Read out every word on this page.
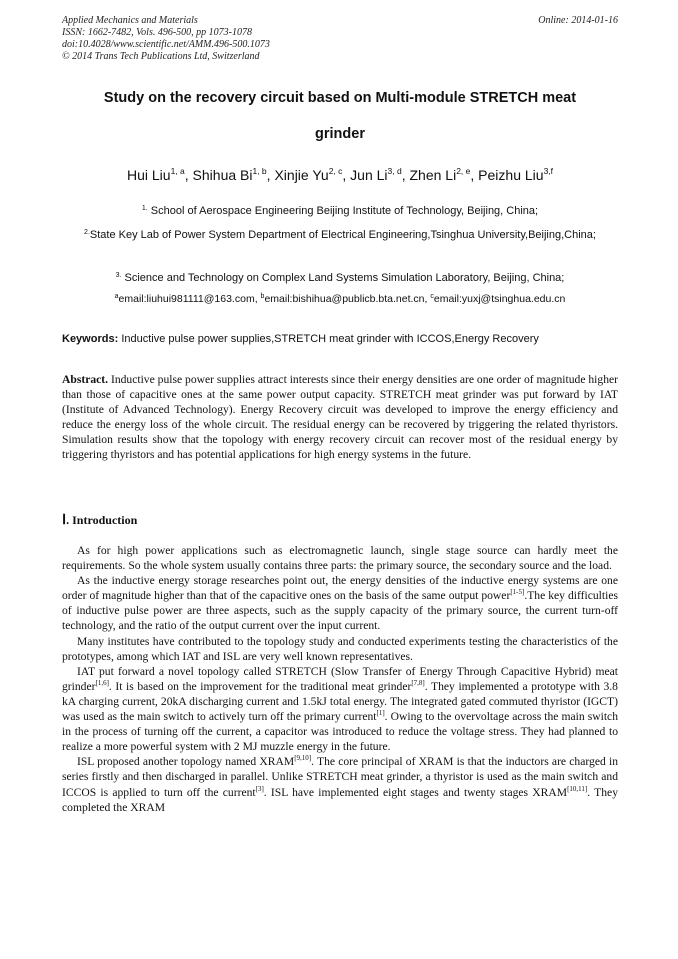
Applied Mechanics and Materials
ISSN: 1662-7482, Vols. 496-500, pp 1073-1078
doi:10.4028/www.scientific.net/AMM.496-500.1073
© 2014 Trans Tech Publications Ltd, Switzerland
Online: 2014-01-16
Study on the recovery circuit based on Multi-module STRETCH meat
grinder
Hui Liu$^{1, a}$, Shihua Bi$^{1, b}$, Xinjie Yu$^{2, c}$, Jun Li$^{3, d}$, Zhen Li$^{2, e}$, Peizhu Liu$^{3,f}$
$^{1.}$ School of Aerospace Engineering Beijing Institute of Technology, Beijing, China;
$^{2.}$State Key Lab of Power System Department of Electrical Engineering,Tsinghua University,Beijing,China;
$^{3.}$ Science and Technology on Complex Land Systems Simulation Laboratory, Beijing, China;
$^a$email:liuhui981111@163.com, $^b$email:bishihua@publicb.bta.net.cn, $^c$email:yuxj@tsinghua.edu.cn
Keywords: Inductive pulse power supplies,STRETCH meat grinder with ICCOS,Energy Recovery

Abstract. Inductive pulse power supplies attract interests since their energy densities are one order of magnitude higher than those of capacitive ones at the same power output capacity. STRETCH meat grinder was put forward by IAT (Institute of Advanced Technology). Energy Recovery circuit was developed to improve the energy efficiency and reduce the energy loss of the whole circuit. The residual energy can be recovered by triggering the related thyristors. Simulation results show that the topology with energy recovery circuit can recover most of the residual energy by triggering thyristors and has potential applications for high energy systems in the future.

Ⅰ. Introduction

As for high power applications such as electromagnetic launch, single stage source can hardly meet the requirements. So the whole system usually contains three parts: the primary source, the secondary source and the load.

As the inductive energy storage researches point out, the energy densities of the inductive energy systems are one order of magnitude higher than that of the capacitive ones on the basis of the same output power[1-5].The key difficulties of inductive pulse power are three aspects, such as the supply capacity of the primary source, the current turn-off technology, and the ratio of the output current over the input current.

Many institutes have contributed to the topology study and conducted experiments testing the characteristics of the prototypes, among which IAT and ISL are very well known representatives.

IAT put forward a novel topology called STRETCH (Slow Transfer of Energy Through Capacitive Hybrid) meat grinder[1,6]. It is based on the improvement for the traditional meat grinder[7,8]. They implemented a prototype with 3.8 kA charging current, 20kA discharging current and 1.5kJ total energy. The integrated gated commuted thyristor (IGCT) was used as the main switch to actively turn off the primary current[1]. Owing to the overvoltage across the main switch in the process of turning off the current, a capacitor was introduced to reduce the voltage stress. They had planned to realize a more powerful system with 2 MJ muzzle energy in the future.

ISL proposed another topology named XRAM[9,10]. The core principal of XRAM is that the inductors are charged in series firstly and then discharged in parallel. Unlike STRETCH meat grinder, a thyristor is used as the main switch and ICCOS is applied to turn off the current[3]. ISL have implemented eight stages and twenty stages XRAM[10,11]. They completed the XRAM
